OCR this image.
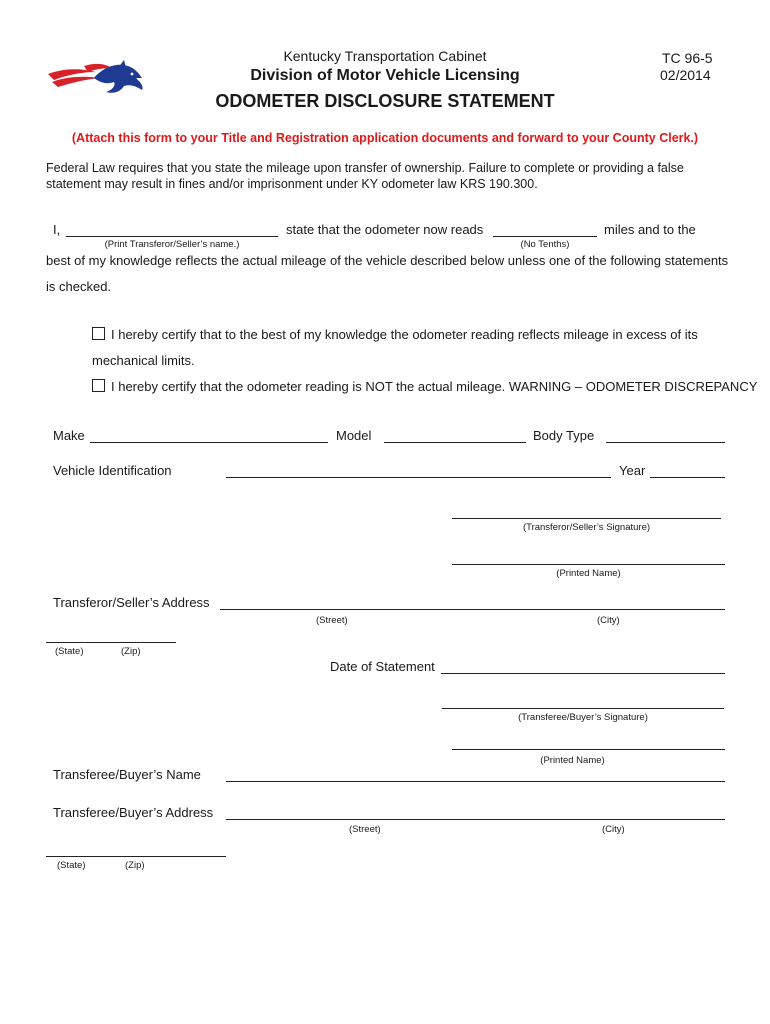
Kentucky Transportation Cabinet
Division of Motor Vehicle Licensing
ODOMETER DISCLOSURE STATEMENT
TC 96-5
02/2014
(Attach this form to your Title and Registration application documents and forward to your County Clerk.)
Federal Law requires that you state the mileage upon transfer of ownership. Failure to complete or providing a false
statement may result in fines and/or imprisonment under KY odometer law KRS 190.300.
I,
(Print Transferor/Seller’s name.)
state that the odometer now reads
(No Tenths)
miles and to the
best of my knowledge reflects the actual mileage of the vehicle described below unless one of the following statements
is checked.
I hereby certify that to the best of my knowledge the odometer reading reflects mileage in excess of its
mechanical limits.
I hereby certify that the odometer reading is NOT the actual mileage. WARNING – ODOMETER DISCREPANCY
Make	Model	Body Type
Vehicle Identification	Year
(Transferor/Seller’s Signature)
(Printed Name)
Transferor/Seller’s Address
(Street)	(City)
(State)	(Zip)
Date of Statement
(Transferee/Buyer’s Signature)
(Printed Name)
Transferee/Buyer’s Name
Transferee/Buyer’s Address
(Street)	(City)
(State)	(Zip)
